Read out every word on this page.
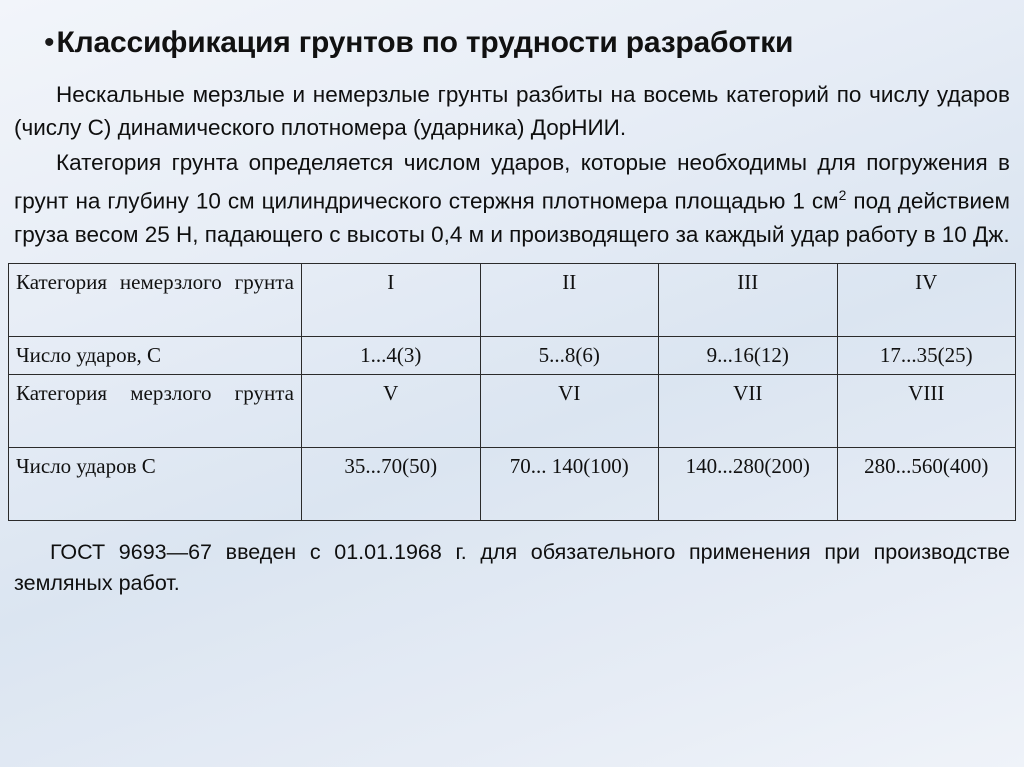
• Классификация грунтов по трудности разработки

Нескальные мерзлые и немерзлые грунты разбиты на восемь категорий по числу ударов (числу С) динамического плотномера (ударника) ДорНИИ.

Категория грунта определяется числом ударов, которые необходимы для погружения в грунт на глубину 10 см цилиндрического стержня плотномера площадью 1 $см^2$ под действием груза весом 25 Н, падающего с высоты 0,4 м и производящего за каждый удар работу в 10 Дж.

Категория немерзлого грунта	I	II	III	IV
Число ударов, С	1...4(3)	5...8(6)	9...16(12)	17...35(25)
Категория мерзлого грунта	V	VI	VII	VIII
Число ударов С	35...70(50)	70... 140(100)	140...280(200)	280...560(400)

ГОСТ 9693—67 введен с 01.01.1968 г. для обязательного применения при производстве земляных работ.
